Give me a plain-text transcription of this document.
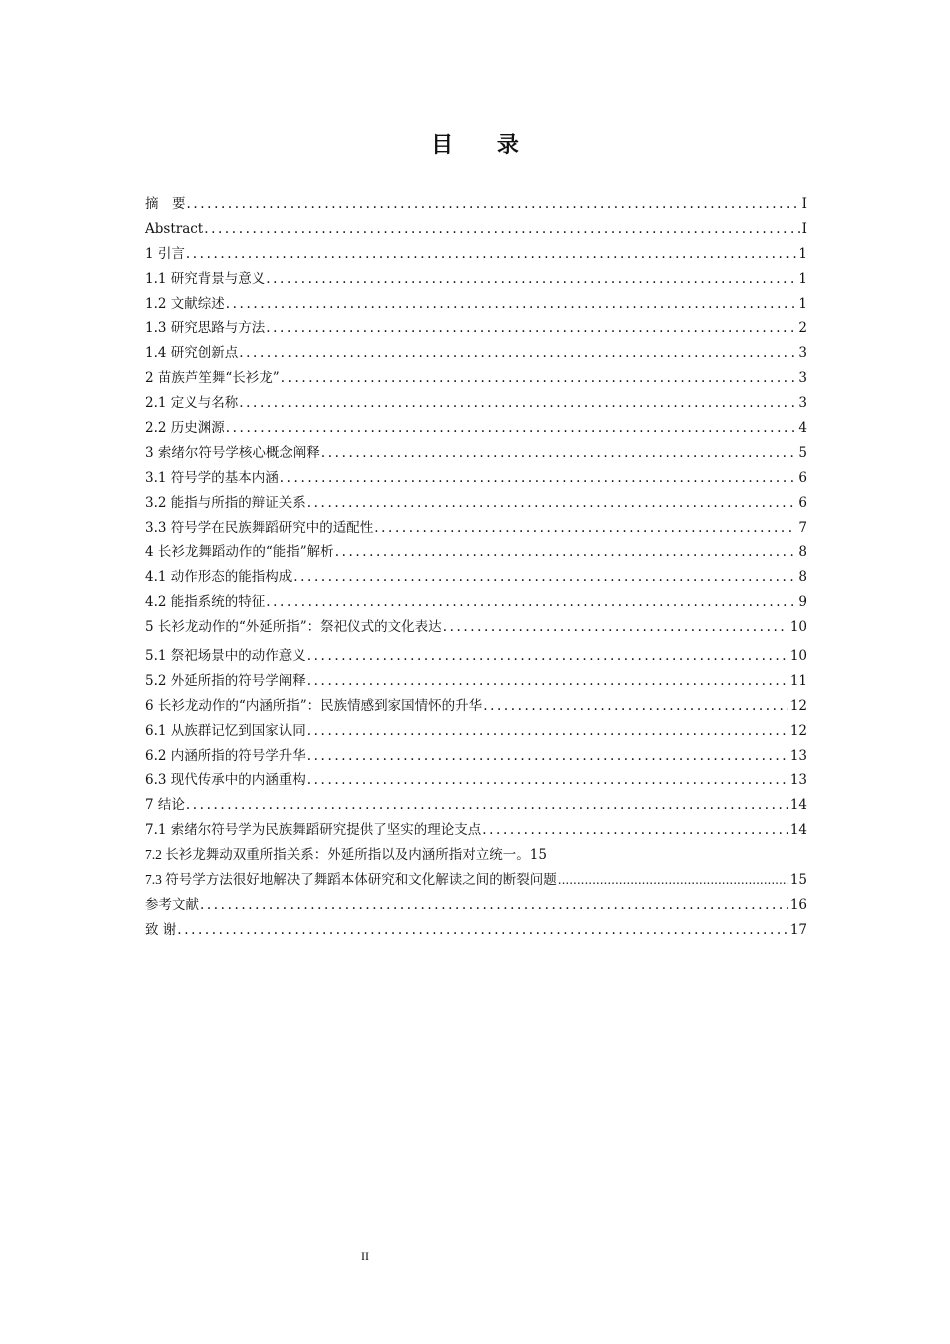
目 录
摘　要 .....	I
Abstract .....	I
1 引言 .....	1
1.1 研究背景与意义 .....	1
1.2 文献综述 .....	1
1.3 研究思路与方法 .....	2
1.4 研究创新点 .....	3
2 苗族芦笙舞“长衫龙” .....	3
2.1 定义与名称 .....	3
2.2 历史渊源 .....	4
3 索绪尔符号学核心概念阐释 .....	5
3.1 符号学的基本内涵 .....	6
3.2 能指与所指的辩证关系 .....	6
3.3 符号学在民族舞蹈研究中的适配性 .....	7
4 长衫龙舞蹈动作的“能指”解析 .....	8
4.1 动作形态的能指构成 .....	8
4.2 能指系统的特征 .....	9
5 长衫龙动作的“外延所指”：祭祀仪式的文化表达 .....	10
5.1 祭祀场景中的动作意义 .....	10
5.2 外延所指的符号学阐释 .....	11
6 长衫龙动作的“内涵所指”：民族情感到家国情怀的升华 .....	12
6.1 从族群记忆到国家认同 .....	12
6.2 内涵所指的符号学升华 .....	13
6.3 现代传承中的内涵重构 .....	13
7 结论 .....	14
7.1 索绪尔符号学为民族舞蹈研究提供了坚实的理论支点 .....	14
7.2 长衫龙舞动双重所指关系：外延所指以及内涵所指对立统一。 15
7.3 符号学方法很好地解决了舞蹈本体研究和文化解读之间的断裂问题 .....	15
参考文献 .....	16
致 谢 .....	17
II
